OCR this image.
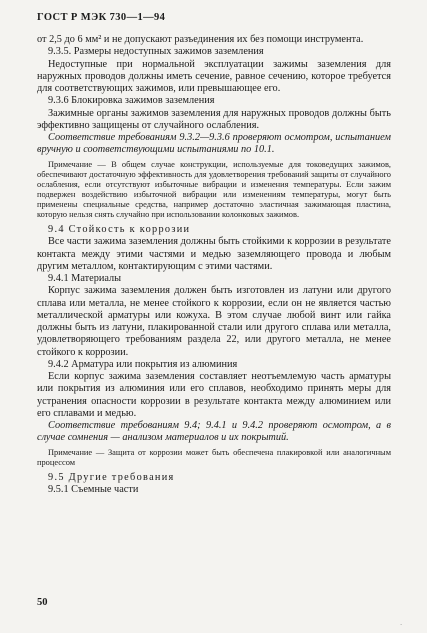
ГОСТ Р МЭК 730—1—94

от 2,5 до 6 мм² и не допускают разъединения их без помощи инструмента.

9.3.5. Размеры недоступных зажимов заземления

Недоступные при нормальной эксплуатации зажимы заземления для наружных проводов должны иметь сечение, равное сечению, которое требуется для соответствующих зажимов, или превышающее его.

9.3.6 Блокировка зажимов заземления

Зажимные органы зажимов заземления для наружных проводов должны быть эффективно защищены от случайного ослабления.

Соответствие требованиям 9.3.2—9.3.6 проверяют осмотром, испытанием вручную и соответствующими испытаниями по 10.1.

Примечание — В общем случае конструкции, используемые для токоведущих зажимов, обеспечивают достаточную эффективность для удовлетворения требований защиты от случайного ослабления, если отсутствуют избыточные вибрации и изменения температуры. Если зажим подвержен воздействию избыточной вибрации или изменениям температуры, могут быть применены специальные средства, например достаточно эластичная зажимающая пластина, которую нельзя снять случайно при использовании колонковых зажимов.

9.4 Стойкость к коррозии

Все части зажима заземления должны быть стойкими к коррозии в результате контакта между этими частями и медью заземляющего провода и любым другим металлом, контактирующим с этими частями.

9.4.1 Материалы

Корпус зажима заземления должен быть изготовлен из латуни или другого сплава или металла, не менее стойкого к коррозии, если он не является частью металлической арматуры или кожуха. В этом случае любой винт или гайка должны быть из латуни, плакированной стали или другого сплава или металла, удовлетворяющего требованиям раздела 22, или другого металла, не менее стойкого к коррозии.

9.4.2 Арматура или покрытия из алюминия

Если корпус зажима заземления составляет неотъемлемую часть арматуры или покрытия из алюминия или его сплавов, необходимо принять меры для устранения опасности коррозии в результате контакта между алюминием или его сплавами и медью.

Соответствие требованиям 9.4; 9.4.1 и 9.4.2 проверяют осмотром, а в случае сомнения — анализом материалов и их покрытий.

Примечание — Защита от коррозии может быть обеспечена плакировкой или аналогичным процессом

9.5 Другие требования

9.5.1 Съемные части

50
ᐨ
